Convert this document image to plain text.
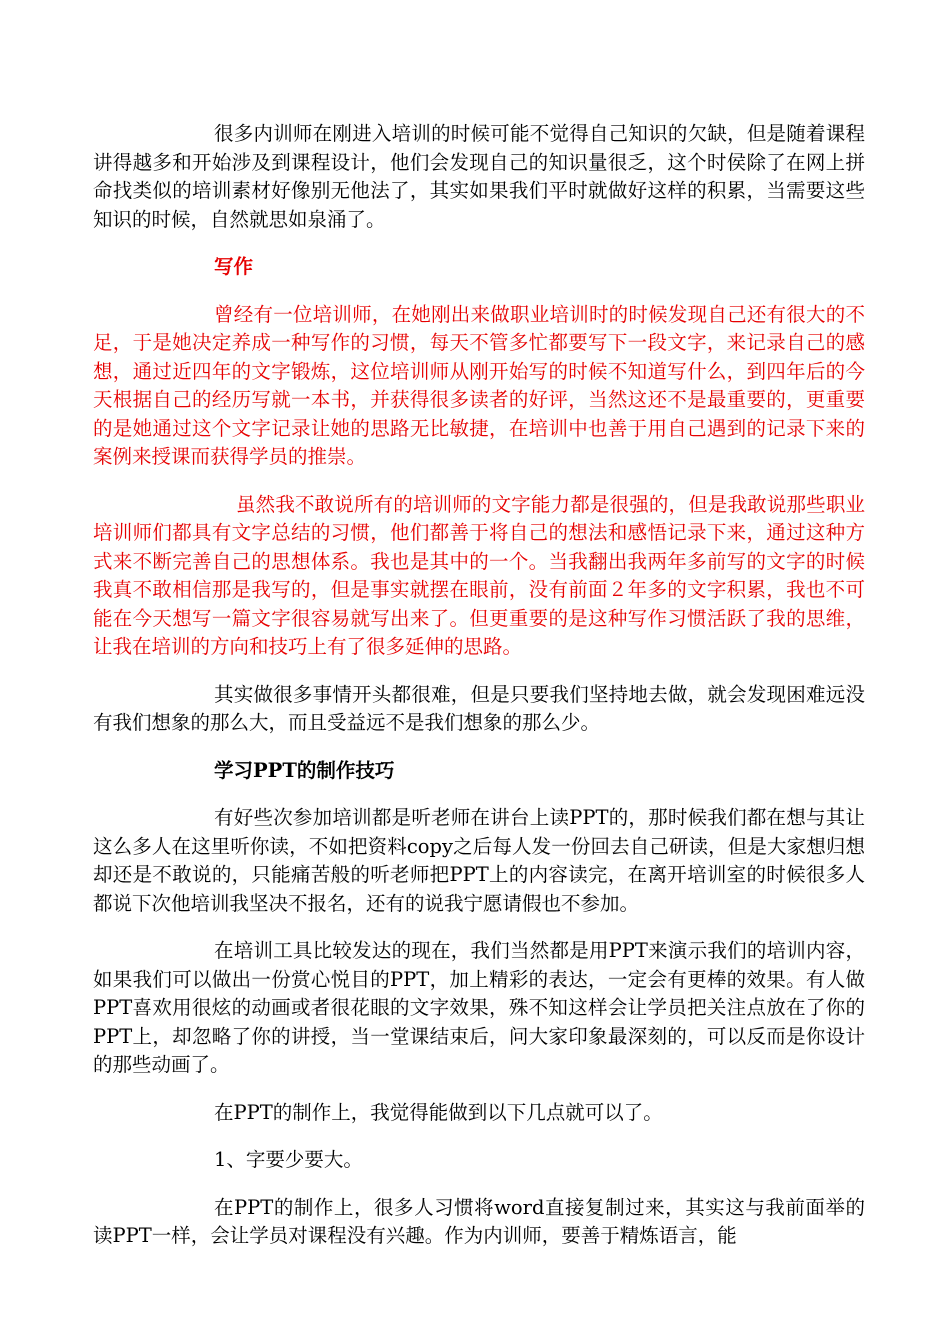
很多内训师在刚进入培训的时候可能不觉得自己知识的欠缺，但是随着课程讲得越多和开始涉及到课程设计，他们会发现自己的知识量很乏，这个时侯除了在网上拼命找类似的培训素材好像别无他法了，其实如果我们平时就做好这样的积累，当需要这些知识的时候，自然就思如泉涌了。

写作

曾经有一位培训师，在她刚出来做职业培训时的时候发现自己还有很大的不足，于是她决定养成一种写作的习惯，每天不管多忙都要写下一段文字，来记录自己的感想，通过近四年的文字锻炼，这位培训师从刚开始写的时候不知道写什么，到四年后的今天根据自己的经历写就一本书，并获得很多读者的好评，当然这还不是最重要的，更重要的是她通过这个文字记录让她的思路无比敏捷，在培训中也善于用自己遇到的记录下来的案例来授课而获得学员的推崇。

虽然我不敢说所有的培训师的文字能力都是很强的，但是我敢说那些职业培训师们都具有文字总结的习惯，他们都善于将自己的想法和感悟记录下来，通过这种方式来不断完善自己的思想体系。我也是其中的一个。当我翻出我两年多前写的文字的时候我真不敢相信那是我写的，但是事实就摆在眼前，没有前面２年多的文字积累，我也不可能在今天想写一篇文字很容易就写出来了。但更重要的是这种写作习惯活跃了我的思维，让我在培训的方向和技巧上有了很多延伸的思路。

其实做很多事情开头都很难，但是只要我们坚持地去做，就会发现困难远没有我们想象的那么大，而且受益远不是我们想象的那么少。

学习PPT的制作技巧

有好些次参加培训都是听老师在讲台上读PPT的，那时候我们都在想与其让这么多人在这里听你读，不如把资料copy之后每人发一份回去自己研读，但是大家想归想却还是不敢说的，只能痛苦般的听老师把PPT上的内容读完，在离开培训室的时候很多人都说下次他培训我坚决不报名，还有的说我宁愿请假也不参加。

在培训工具比较发达的现在，我们当然都是用PPT来演示我们的培训内容，如果我们可以做出一份赏心悦目的PPT，加上精彩的表达，一定会有更棒的效果。有人做PPT喜欢用很炫的动画或者很花眼的文字效果，殊不知这样会让学员把关注点放在了你的PPT上，却忽略了你的讲授，当一堂课结束后，问大家印象最深刻的，可以反而是你设计的那些动画了。

在PPT的制作上，我觉得能做到以下几点就可以了。

1、字要少要大。

在PPT的制作上，很多人习惯将word直接复制过来，其实这与我前面举的读PPT一样，会让学员对课程没有兴趣。作为内训师，要善于精炼语言，能
